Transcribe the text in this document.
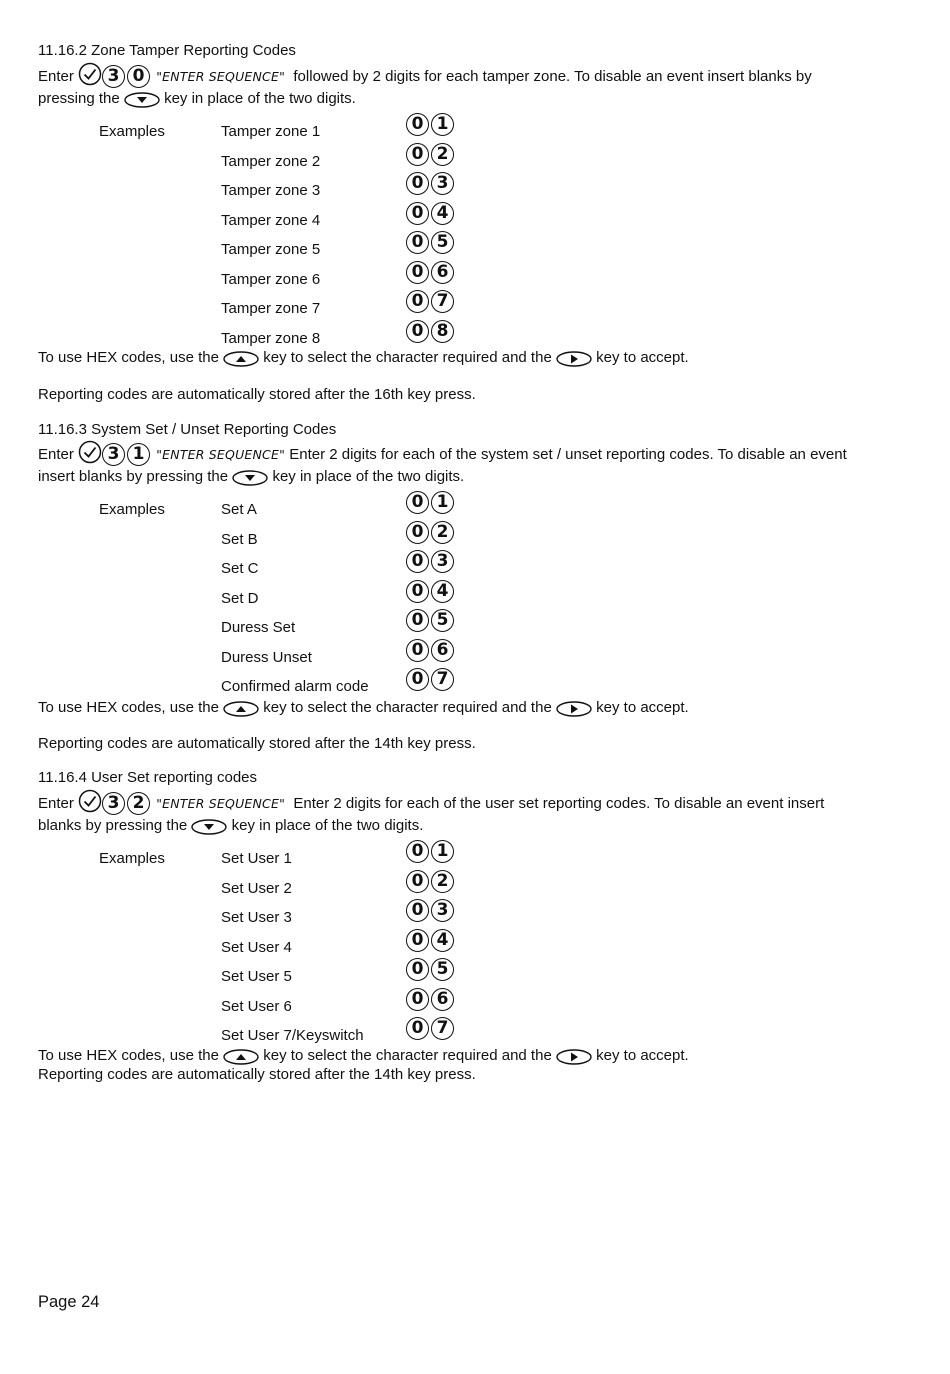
11.16.2 Zone Tamper Reporting Codes
Enter 3 0 "ENTER SEQUENCE" followed by 2 digits for each tamper zone. To disable an event insert blanks by
pressing the	key in place of the two digits.
Examples	Tamper zone 1	0 1
Tamper zone 2	0 2
Tamper zone 3	0 3
Tamper zone 4	0 4
Tamper zone 5	0 5
Tamper zone 6	0 6
Tamper zone 7	0 7
Tamper zone 8	0 8
To use HEX codes, use the	key to select the character required and the	key to accept.
Reporting codes are automatically stored after the 16th key press.
11.16.3 System Set / Unset Reporting Codes
Enter 3 1 "ENTER SEQUENCE" Enter 2 digits for each of the system set / unset reporting codes. To disable an event
insert blanks by pressing the	key in place of the two digits.
Examples	Set A	0 1
Set B	0 2
Set C	0 3
Set D	0 4
Duress Set	0 5
Duress Unset	0 6
Confirmed alarm code	0 7
To use HEX codes, use the	key to select the character required and the	key to accept.
Reporting codes are automatically stored after the 14th key press.
11.16.4 User Set reporting codes
Enter 3 2 "ENTER SEQUENCE" Enter 2 digits for each of the user set reporting codes. To disable an event insert
blanks by pressing the	key in place of the two digits.
Examples	Set User 1	0 1
Set User 2	0 2
Set User 3	0 3
Set User 4	0 4
Set User 5	0 5
Set User 6	0 6
Set User 7/Keyswitch	0 7
To use HEX codes, use the	key to select the character required and the	key to accept.
Reporting codes are automatically stored after the 14th key press.
Page 24
